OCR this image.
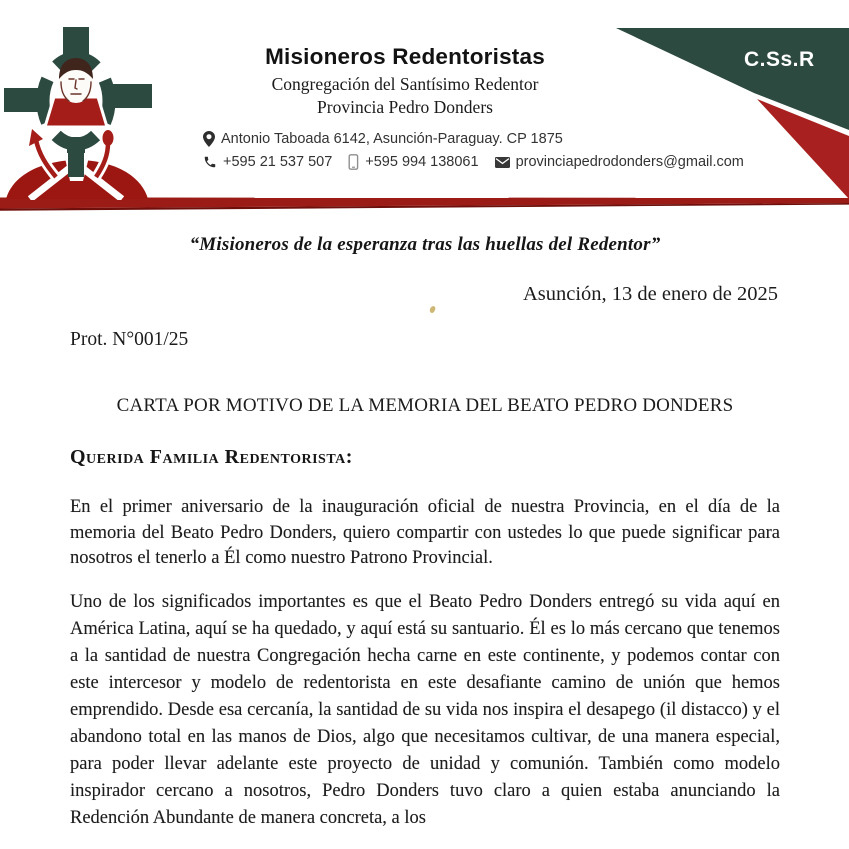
C.Ss.R
Misioneros Redentoristas
Congregación del Santísimo Redentor
Provincia Pedro Donders
Antonio Taboada 6142, Asunción-Paraguay. CP 1875
+595 21 537 507 +595 994 138061	provinciapedrodonders@gmail.com
“Misioneros de la esperanza tras las huellas del Redentor”
Asunción, 13 de enero de 2025
Prot. N°001/25
CARTA POR MOTIVO DE LA MEMORIA DEL BEATO PEDRO DONDERS
Querida Familia Redentorista:

En el primer aniversario de la inauguración oficial de nuestra Provincia, en el día de la memoria del Beato Pedro Donders, quiero compartir con ustedes lo que puede significar para nosotros el tenerlo a Él como nuestro Patrono Provincial.

Uno de los significados importantes es que el Beato Pedro Donders entregó su vida aquí en América Latina, aquí se ha quedado, y aquí está su santuario. Él es lo más cercano que tenemos a la santidad de nuestra Congregación hecha carne en este continente, y podemos contar con este intercesor y modelo de redentorista en este desafiante camino de unión que hemos emprendido. Desde esa cercanía, la santidad de su vida nos inspira el desapego (il distacco) y el abandono total en las manos de Dios, algo que necesitamos cultivar, de una manera especial, para poder llevar adelante este proyecto de unidad y comunión. También como modelo inspirador cercano a nosotros, Pedro Donders tuvo claro a quien estaba anunciando la Redención Abundante de manera concreta, a los
